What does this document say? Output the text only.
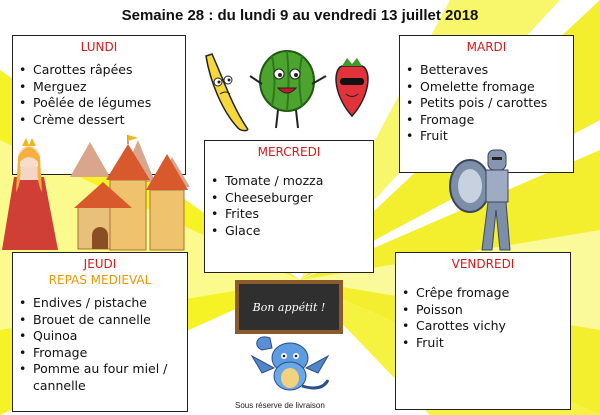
Semaine 28 : du lundi 9 au vendredi 13 juillet 2018
LUNDI
• Carottes râpées
• Merguez
• Poêlée de légumes
• Crème dessert
MARDI
• Betteraves
• Omelette fromage
• Petits pois / carottes
• Fromage
• Fruit
MERCREDI
• Tomate / mozza
• Cheeseburger
• Frites
• Glace
JEUDI
REPAS MEDIEVAL
• Endives / pistache
• Brouet de cannelle
• Quinoa
• Fromage
• Pomme au four miel / cannelle
VENDREDI
• Crêpe fromage
• Poisson
• Carottes vichy
• Fruit
Bon appétit !
Sous réserve de livraison
